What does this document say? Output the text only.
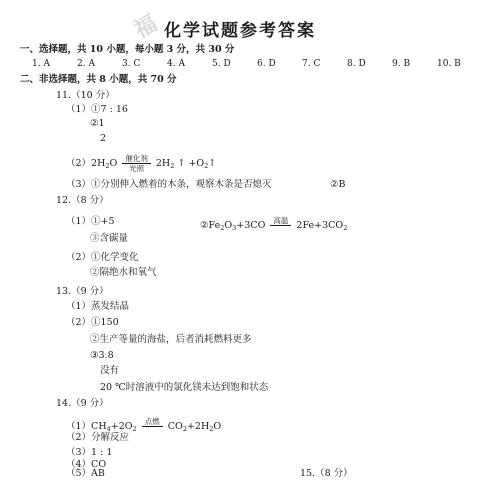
福 化学试题参考答案
一、选择题，共 10 小题，每小题 3 分，共 30 分
1. A	2. A	3. C	4. A	5. D	6. D	7. C	8. D	9. B	10. B
二、非选择题，共 8 小题，共 70 分
11.（10 分）
（1）①7 : 16
②1
2
$(2)2H_2O \frac{\text{催化剂}}{\text{光照}} 2H_2$ ↑ $+O_2↑$
（3）①分别伸入燃着的木条，观察木条是否熄灭	②B
12.（8 分）
（1）①+5	$②Fe_2O_3+3CO$	高温
$2Fe+3CO_2$
③含碳量
（2）①化学变化
②隔绝水和氧气
13.（9 分）
（1）蒸发结晶
（2）①150
②生产等量的海盐，后者消耗燃料更多
③3.8
没有
20 ℃时溶液中的氯化镁未达到饱和状态
14.（9 分）
$(1)CH_4+2O_2$
点燃
$CO_2+2H_2O$
（2）分解反应
（3）1 : 1
（4）CO
（5）AB	15.（8 分）
